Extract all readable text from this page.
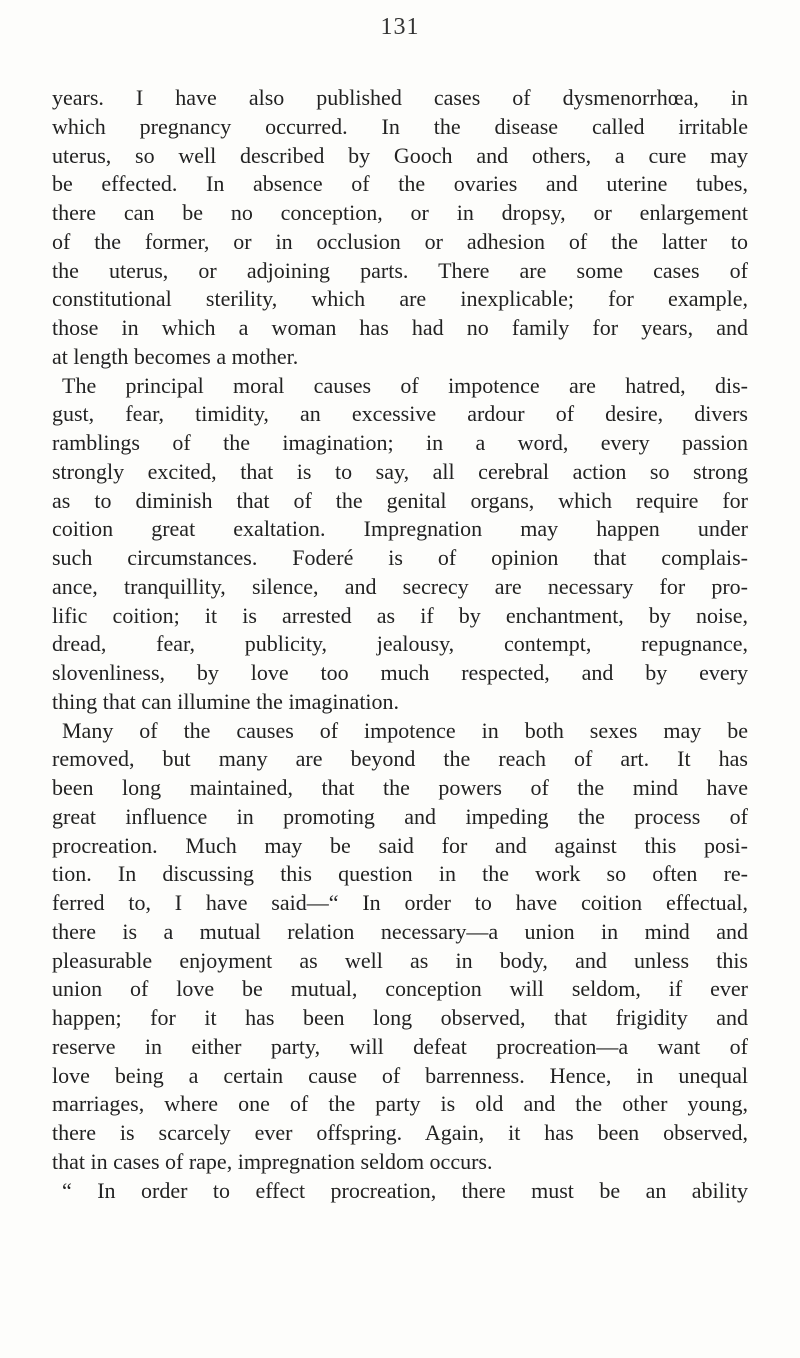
131
years. I have also published cases of dysmenorrhœa, in
which pregnancy occurred. In the disease called irritable
uterus, so well described by Gooch and others, a cure may
be effected. In absence of the ovaries and uterine tubes,
there can be no conception, or in dropsy, or enlargement
of the former, or in occlusion or adhesion of the latter to
the uterus, or adjoining parts. There are some cases of
constitutional sterility, which are inexplicable; for example,
those in which a woman has had no family for years, and
at length becomes a mother.
The principal moral causes of impotence are hatred, dis-
gust, fear, timidity, an excessive ardour of desire, divers
ramblings of the imagination; in a word, every passion
strongly excited, that is to say, all cerebral action so strong
as to diminish that of the genital organs, which require for
coition great exaltation. Impregnation may happen under
such circumstances. Foderé is of opinion that complais-
ance, tranquillity, silence, and secrecy are necessary for pro-
lific coition; it is arrested as if by enchantment, by noise,
dread, fear, publicity, jealousy, contempt, repugnance,
slovenliness, by love too much respected, and by every
thing that can illumine the imagination.
Many of the causes of impotence in both sexes may be
removed, but many are beyond the reach of art. It has
been long maintained, that the powers of the mind have
great influence in promoting and impeding the process of
procreation. Much may be said for and against this posi-
tion. In discussing this question in the work so often re-
ferred to, I have said—“ In order to have coition effectual,
there is a mutual relation necessary—a union in mind and
pleasurable enjoyment as well as in body, and unless this
union of love be mutual, conception will seldom, if ever
happen; for it has been long observed, that frigidity and
reserve in either party, will defeat procreation—a want of
love being a certain cause of barrenness. Hence, in unequal
marriages, where one of the party is old and the other young,
there is scarcely ever offspring. Again, it has been observed,
that in cases of rape, impregnation seldom occurs.
“ In order to effect procreation, there must be an ability
